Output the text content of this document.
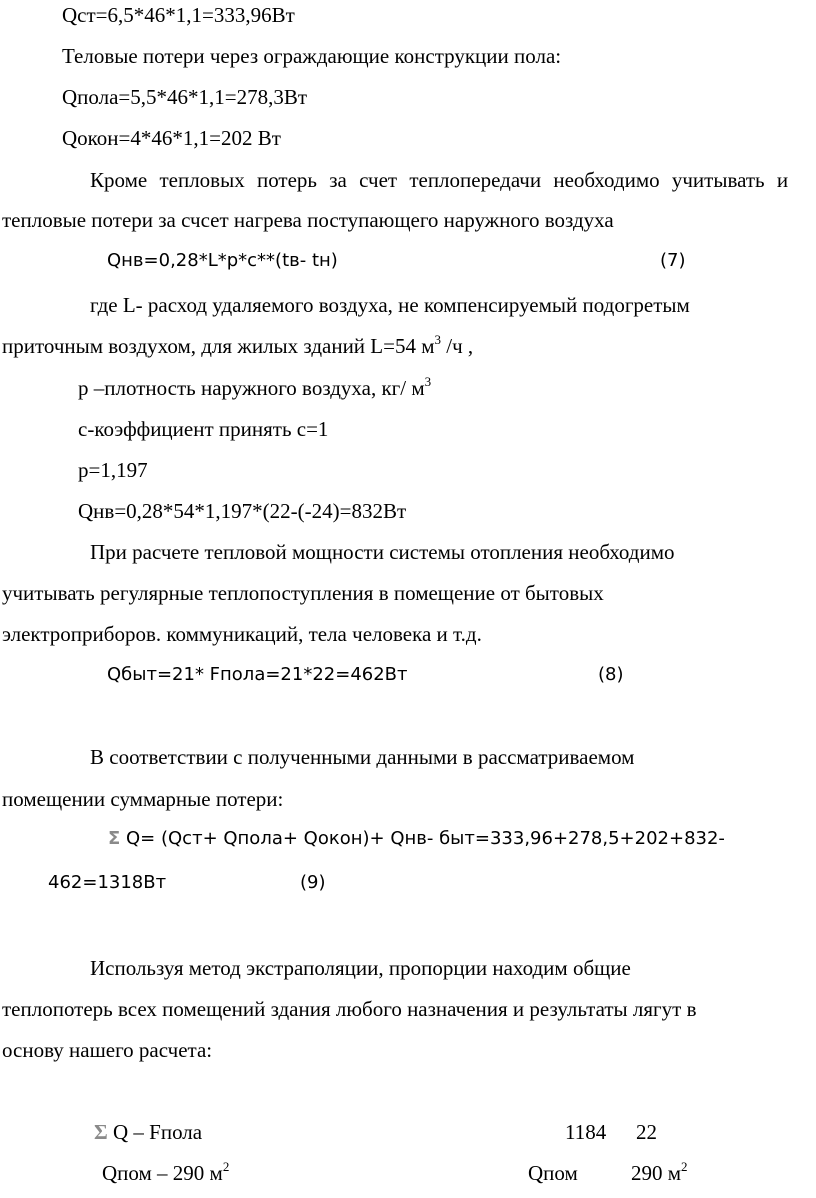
Qст=6,5*46*1,1=333,96Вт
Теловые потери через ограждающие конструкции пола:
Qпола=5,5*46*1,1=278,3Вт
Qокон=4*46*1,1=202 Вт
Кроме тепловых потерь за счет теплопередачи необходимо учитывать и
тепловые потери за счсет нагрева поступающего наружного воздуха
Qнв=0,28*L*p*c**(tв- tн)	(7)
где L- расход удаляемого воздуха, не компенсируемый подогретым
приточным воздухом, для жилых зданий L=54 $м^3$ /ч ,
р –плотность наружного воздуха, кг/ $м^3$
с-коэффициент принять с=1
р=1,197
Qнв=0,28*54*1,197*(22-(-24)=832Вт
При расчете тепловой мощности системы отопления необходимо
учитывать регулярные теплопоступления в помещение от бытовых
электроприборов. коммуникаций, тела человека и т.д.
Qбыт=21* Fпола=21*22=462Вт	(8)
В соответствии с полученными данными в рассматриваемом
помещении суммарные потери:
Σ Q= (Qст+ Qпола+ Qокон)+ Qнв- быт=333,96+278,5+202+832-
462=1318Вт	(9)
Используя метод экстраполяции, пропорции находим общие
теплопотерь всех помещений здания любого назначения и результаты лягут в
основу нашего расчета:
Σ Q – Fпола	1184 22
Qпом – 290 $м^2$	Qпом	290 $м^2$
